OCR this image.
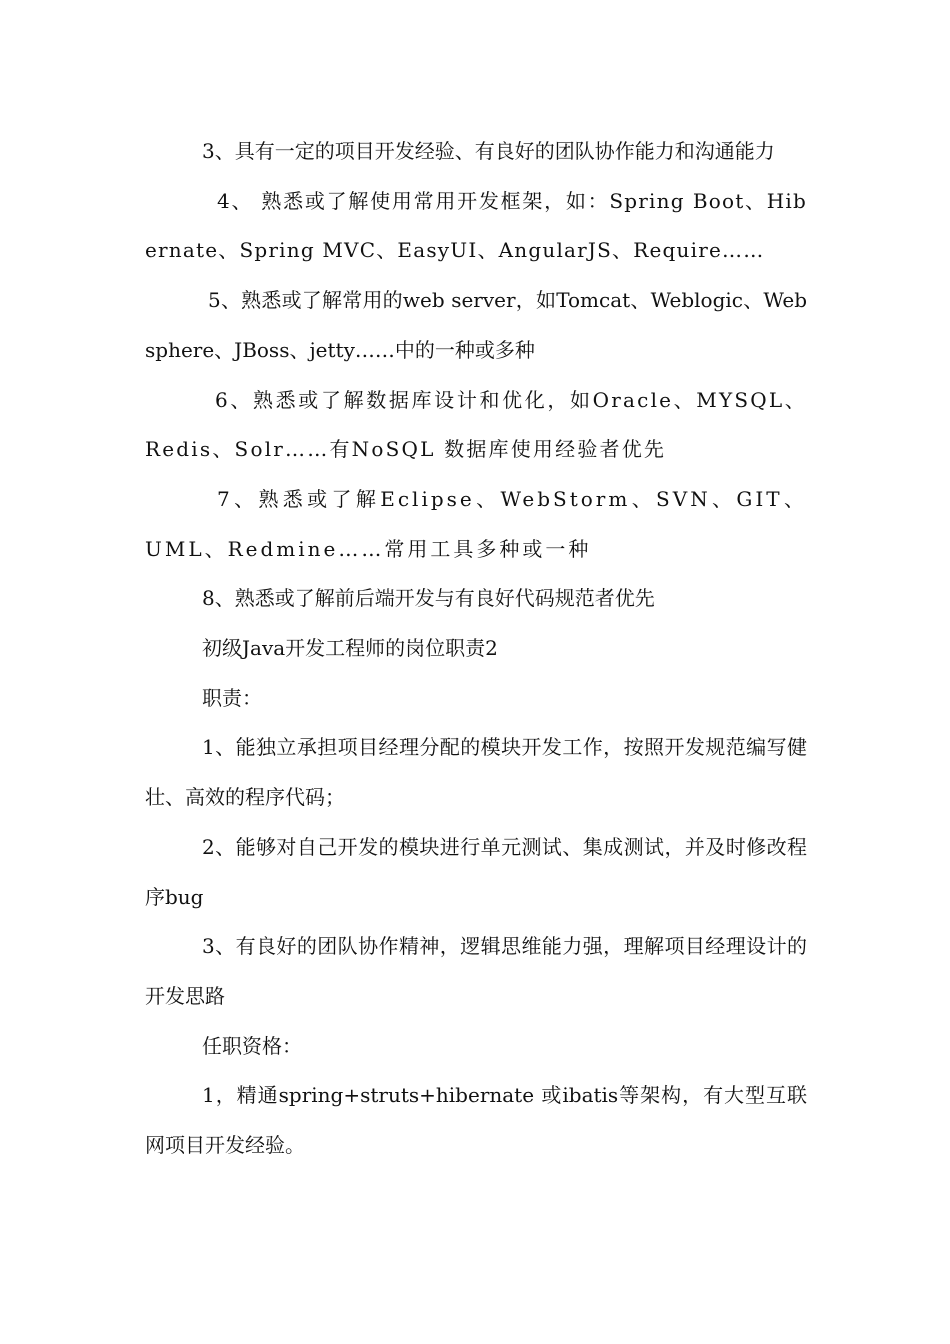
3、具有一定的项目开发经验、有良好的团队协作能力和沟通能力

4、 熟悉或了解使用常用开发框架，如：Spring Boot、Hibernate、Spring MVC、EasyUI、AngularJS、Require……

5、熟悉或了解常用的web server，如Tomcat、Weblogic、Websphere、JBoss、jetty……中的一种或多种

6、熟悉或了解数据库设计和优化，如Oracle、MYSQL、Redis、Solr……有NoSQL 数据库使用经验者优先

7、熟悉或了解Eclipse、WebStorm、SVN、GIT、UML、Redmine……常用工具多种或一种

8、熟悉或了解前后端开发与有良好代码规范者优先

初级Java开发工程师的岗位职责2

职责：

1、能独立承担项目经理分配的模块开发工作，按照开发规范编写健壮、高效的程序代码；

2、能够对自己开发的模块进行单元测试、集成测试，并及时修改程序bug

3、有良好的团队协作精神，逻辑思维能力强，理解项目经理设计的开发思路

任职资格：

1，精通spring+struts+hibernate 或ibatis等架构，有大型互联网项目开发经验。
